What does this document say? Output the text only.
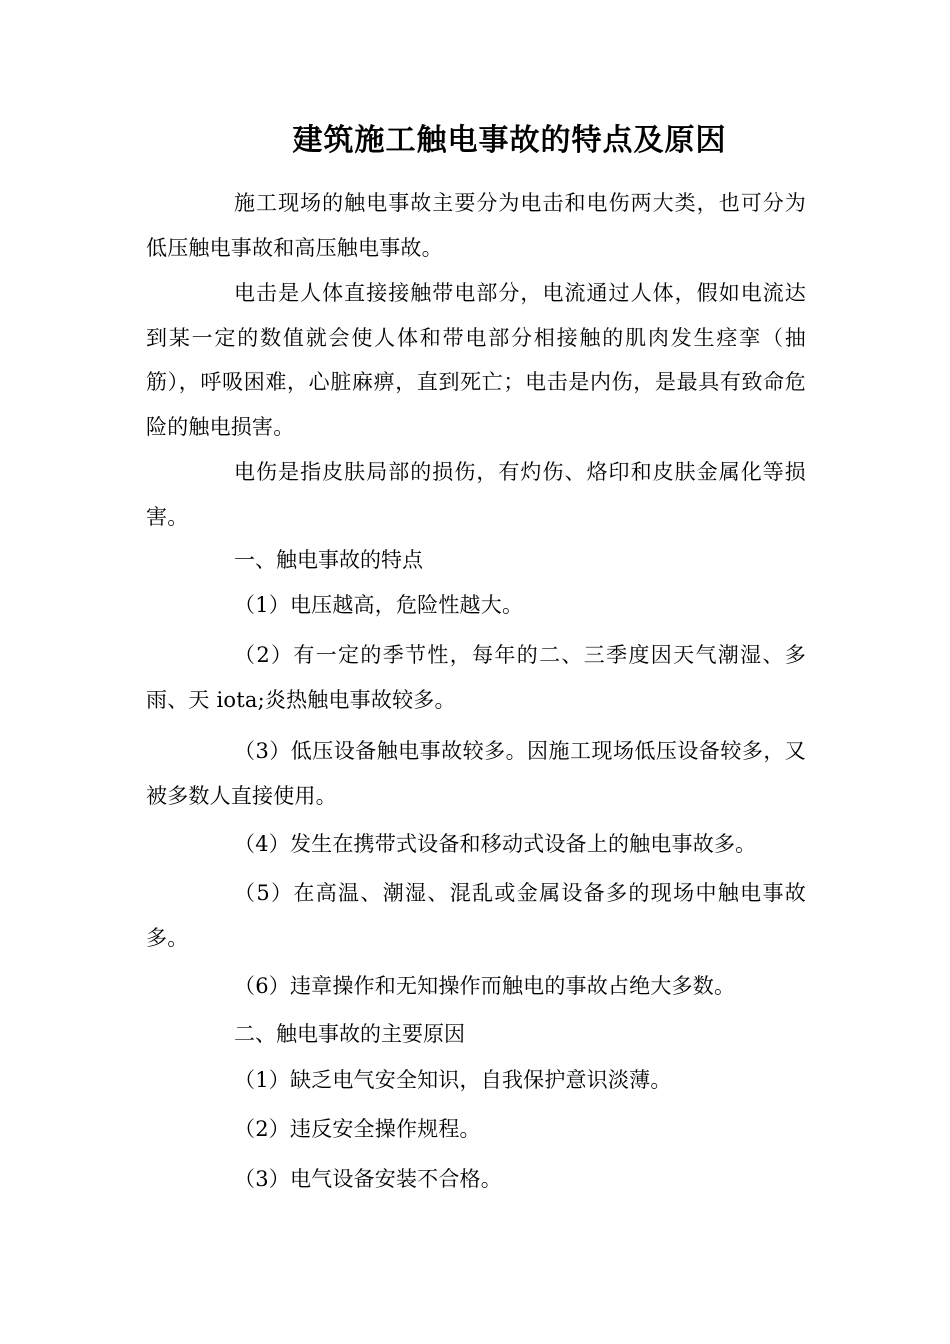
建筑施工触电事故的特点及原因

施工现场的触电事故主要分为电击和电伤两大类，也可分为低压触电事故和高压触电事故。

电击是人体直接接触带电部分，电流通过人体，假如电流达到某一定的数值就会使人体和带电部分相接触的肌肉发生痉挛（抽筋），呼吸困难，心脏麻痹，直到死亡；电击是内伤，是最具有致命危险的触电损害。

电伤是指皮肤局部的损伤，有灼伤、烙印和皮肤金属化等损害。

一、触电事故的特点

（1）电压越高，危险性越大。

（2）有一定的季节性，每年的二、三季度因天气潮湿、多雨、天 iota;炎热触电事故较多。

（3）低压设备触电事故较多。因施工现场低压设备较多，又被多数人直接使用。

（4）发生在携带式设备和移动式设备上的触电事故多。

（5）在高温、潮湿、混乱或金属设备多的现场中触电事故多。

（6）违章操作和无知操作而触电的事故占绝大多数。

二、触电事故的主要原因

（1）缺乏电气安全知识，自我保护意识淡薄。

（2）违反安全操作规程。

（3）电气设备安装不合格。
